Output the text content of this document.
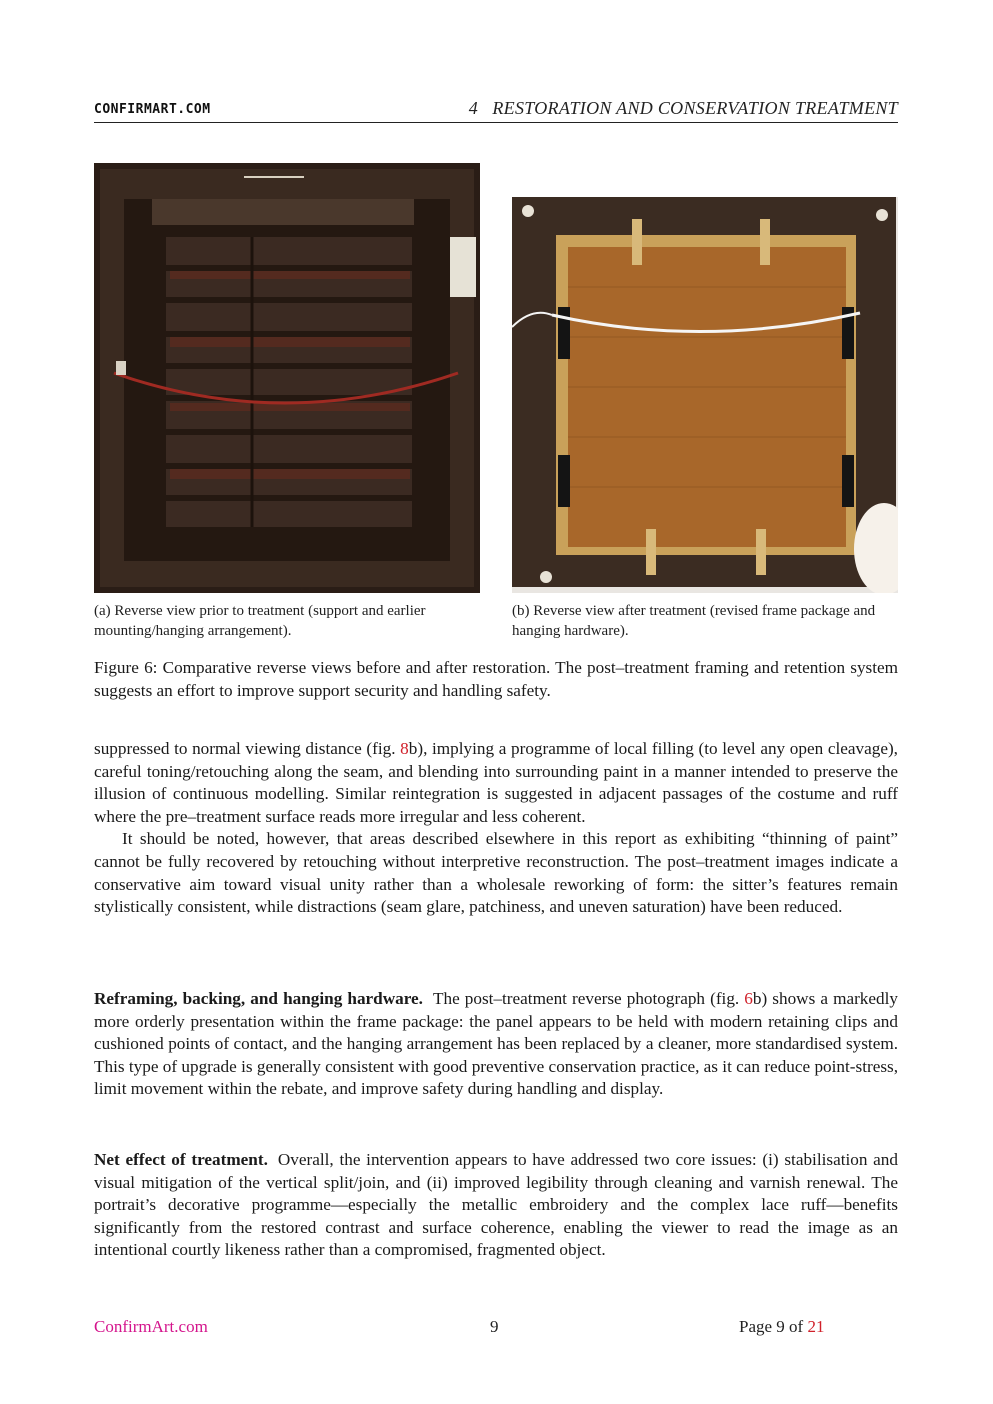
CONFIRMART.COM	4   RESTORATION AND CONSERVATION TREATMENT
(a) Reverse view prior to treatment (support and earlier mounting/hanging arrangement).
(b) Reverse view after treatment (revised frame package and hanging hardware).
Figure 6: Comparative reverse views before and after restoration. The post–treatment framing and retention system suggests an effort to improve support security and handling safety.

suppressed to normal viewing distance (fig. 8b), implying a programme of local filling (to level any open cleavage), careful toning/retouching along the seam, and blending into surrounding paint in a manner intended to preserve the illusion of continuous modelling. Similar reintegration is suggested in adjacent passages of the costume and ruff where the pre–treatment surface reads more irregular and less coherent.

It should be noted, however, that areas described elsewhere in this report as exhibiting “thinning of paint” cannot be fully recovered by retouching without interpretive reconstruction. The post–treatment images indicate a conservative aim toward visual unity rather than a wholesale reworking of form: the sitter’s features remain stylistically consistent, while distractions (seam glare, patchiness, and uneven saturation) have been reduced.

Reframing, backing, and hanging hardware. The post–treatment reverse photograph (fig. 6b) shows a markedly more orderly presentation within the frame package: the panel appears to be held with modern retaining clips and cushioned points of contact, and the hanging arrangement has been replaced by a cleaner, more standardised system. This type of upgrade is generally consistent with good preventive conservation practice, as it can reduce point-stress, limit movement within the rebate, and improve safety during handling and display.

Net effect of treatment. Overall, the intervention appears to have addressed two core issues: (i) stabilisation and visual mitigation of the vertical split/join, and (ii) improved legibility through cleaning and varnish renewal. The portrait’s decorative programme—especially the metallic embroidery and the complex lace ruff—benefits significantly from the restored contrast and surface coherence, enabling the viewer to read the image as an intentional courtly likeness rather than a compromised, fragmented object.

ConfirmArt.com	9	Page 9 of 21
